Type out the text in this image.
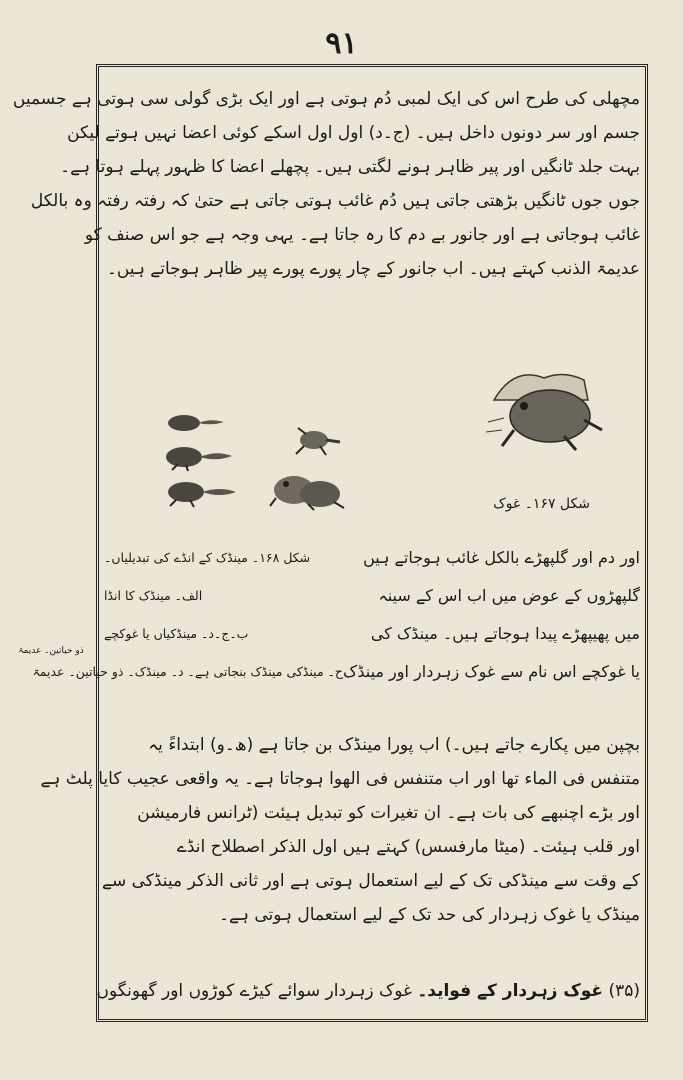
۹۱
مچھلی کی طرح اس کی ایک لمبی دُم ہوتی ہے اور ایک بڑی گولی سی ہوتی ہے جسمیں
جسم اور سر دونوں داخل ہیں۔ (ج۔د) اول اول اسکے کوئی اعضا نہیں ہوتے لیکن
بہت جلد ٹانگیں اور پیر ظاہر ہونے لگتی ہیں۔ پچھلے اعضا کا ظہور پہلے ہوتا ہے۔
جوں جوں ٹانگیں بڑھتی جاتی ہیں دُم غائب ہوتی جاتی ہے حتیٰ کہ رفتہ رفتہ وہ بالکل
غائب ہوجاتی ہے اور جانور بے دم کا رہ جاتا ہے۔ یہی وجہ ہے جو اس صنف کو
عدیمۃ الذنب کہتے ہیں۔ اب جانور کے چار پورے پورے پیر ظاہر ہوجاتے ہیں۔
شکل ۱۶۷۔ غوک
اور دم اور گلپھڑے بالکل غائب ہوجاتے ہیں
شکل ۱۶۸۔ مینڈک کے انڈے کی تبدیلیاں۔
گلپھڑوں کے عوض میں اب اس کے سینہ
الف۔ مینڈک کا انڈا
میں پھیپھڑے پیدا ہوجاتے ہیں۔ مینڈک کی
ب۔ج۔د۔ مینڈکیاں یا غوکچے
یا غوکچے اس نام سے غوک زہردار اور مینڈک
ح۔ مینڈکی مینڈک بنجاتی ہے۔ د۔ مینڈک۔ ذو حیاتین۔ عدیمۃ
ذو حیاتین۔ عدیمۃ
بچپن میں پکارے جاتے ہیں۔) اب پورا مینڈک بن جاتا ہے (ھ۔و) ابتداءً یہ
متنفس فی الماء تھا اور اب متنفس فی الھوا ہوجاتا ہے۔ یہ واقعی عجیب کایا پلٹ ہے
اور بڑے اچنبھے کی بات ہے۔ ان تغیرات کو تبدیل ہیئت (ٹرانس فارمیشن
اور قلب ہیئت۔ (میٹا مارفسس) کہتے ہیں اول الذکر اصطلاح انڈے
کے وقت سے مینڈکی تک کے لیے استعمال ہوتی ہے اور ثانی الذکر مینڈکی سے
مینڈک یا غوک زہردار کی حد تک کے لیے استعمال ہوتی ہے۔
(۳۵) غوک زہردار کے فواید۔ غوک زہردار سوائے کیڑے کوڑوں اور گھونگوں
